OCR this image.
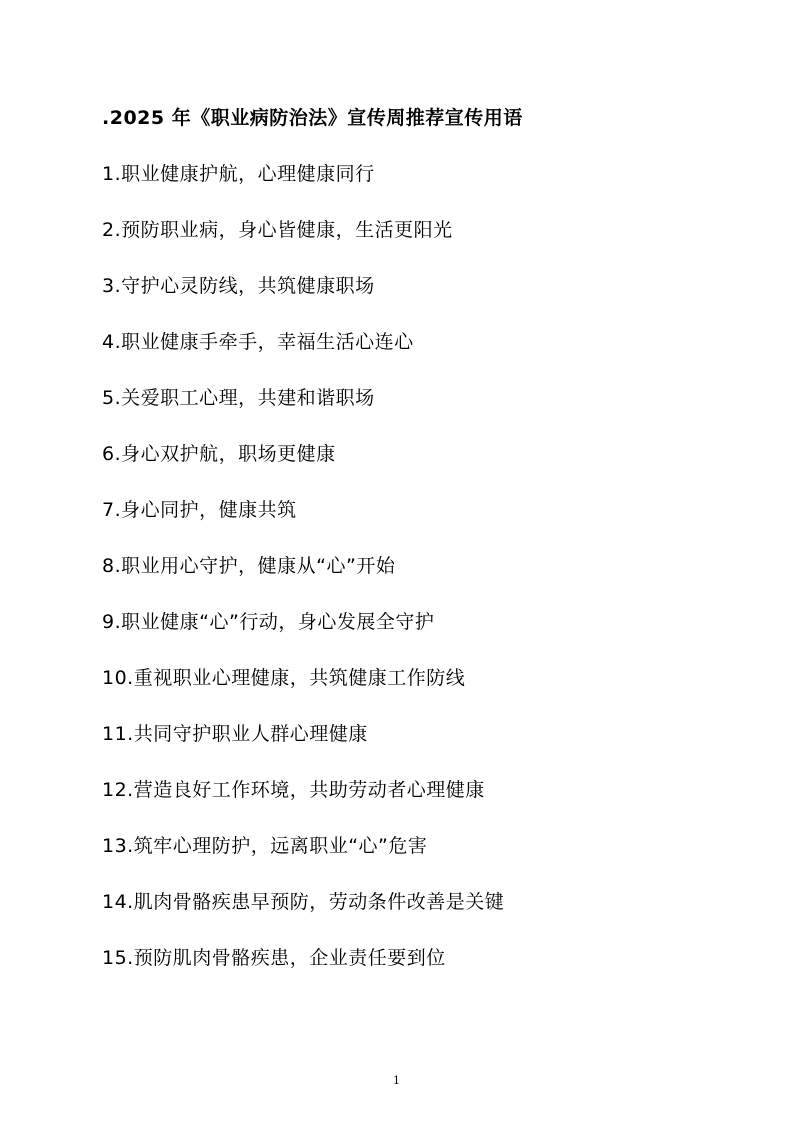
.2025 年《职业病防治法》宣传周推荐宣传用语
1.职业健康护航，心理健康同行
2.预防职业病，身心皆健康，生活更阳光
3.守护心灵防线，共筑健康职场
4.职业健康手牵手，幸福生活心连心
5.关爱职工心理，共建和谐职场
6.身心双护航，职场更健康
7.身心同护，健康共筑
8.职业用心守护，健康从“心”开始
9.职业健康“心”行动，身心发展全守护
10.重视职业心理健康，共筑健康工作防线
11.共同守护职业人群心理健康
12.营造良好工作环境，共助劳动者心理健康
13.筑牢心理防护，远离职业“心”危害
14.肌肉骨骼疾患早预防，劳动条件改善是关键
15.预防肌肉骨骼疾患，企业责任要到位
1
